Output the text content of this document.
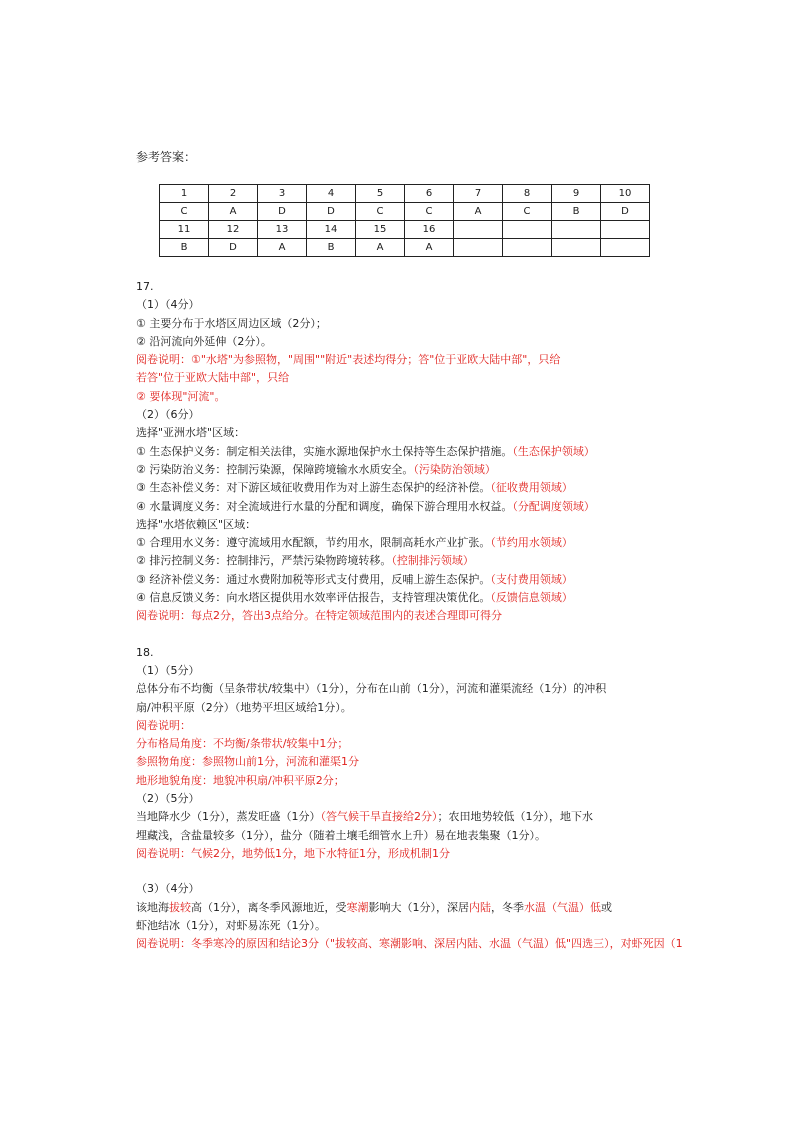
参考答案：
1	2	3	4	5	6	7	8	9	10
C	A	D	D	C	C	A	C	B	D
11	12	13	14	15	16				
B	D	A	B	A	A				
17.
（1）（4分）
① 主要分布于水塔区周边区域（2分）；
② 沿河流向外延伸（2分）。
阅卷说明：①"水塔"为参照物，"周围""附近"表述均得分；答"位于亚欧大陆中部"，只给
若答"位于亚欧大陆中部"，只给
② 要体现"河流"。
（2）（6分）
选择"亚洲水塔"区域：
① 生态保护义务：制定相关法律，实施水源地保护水土保持等生态保护措施。（生态保护领域）
② 污染防治义务：控制污染源，保障跨境输水水质安全。（污染防治领域）
③ 生态补偿义务：对下游区域征收费用作为对上游生态保护的经济补偿。（征收费用领域）
④ 水量调度义务：对全流域进行水量的分配和调度，确保下游合理用水权益。（分配调度领域）
选择"水塔依赖区"区域：
① 合理用水义务：遵守流域用水配额，节约用水，限制高耗水产业扩张。（节约用水领域）
② 排污控制义务：控制排污，严禁污染物跨境转移。（控制排污领域）
③ 经济补偿义务：通过水费附加税等形式支付费用，反哺上游生态保护。（支付费用领域）
④ 信息反馈义务：向水塔区提供用水效率评估报告，支持管理决策优化。（反馈信息领域）
阅卷说明：每点2分，答出3点给分。在特定领域范围内的表述合理即可得分
18.
（1）（5分）
总体分布不均衡（呈条带状/较集中）（1分），分布在山前（1分），河流和灌渠流经（1分）的冲积
扇/冲积平原（2分）（地势平坦区域给1分）。
阅卷说明：
分布格局角度：不均衡/条带状/较集中1分；
参照物角度：参照物山前1分，河流和灌渠1分
地形地貌角度：地貌冲积扇/冲积平原2分；
（2）（5分）
当地降水少（1分），蒸发旺盛（1分）（答气候干旱直接给2分）；农田地势较低（1分），地下水
埋藏浅，含盐量较多（1分），盐分（随着土壤毛细管水上升）易在地表集聚（1分）。
阅卷说明：气候2分，地势低1分，地下水特征1分，形成机制1分
（3）（4分）
该地海拔较高（1分），离冬季风源地近，受寒潮影响大（1分），深居内陆，冬季水温（气温）低或
虾池结冰（1分），对虾易冻死（1分）。
阅卷说明：冬季寒冷的原因和结论3分（"拔较高、寒潮影响、深居内陆、水温（气温）低"四选三），对虾死因（1
